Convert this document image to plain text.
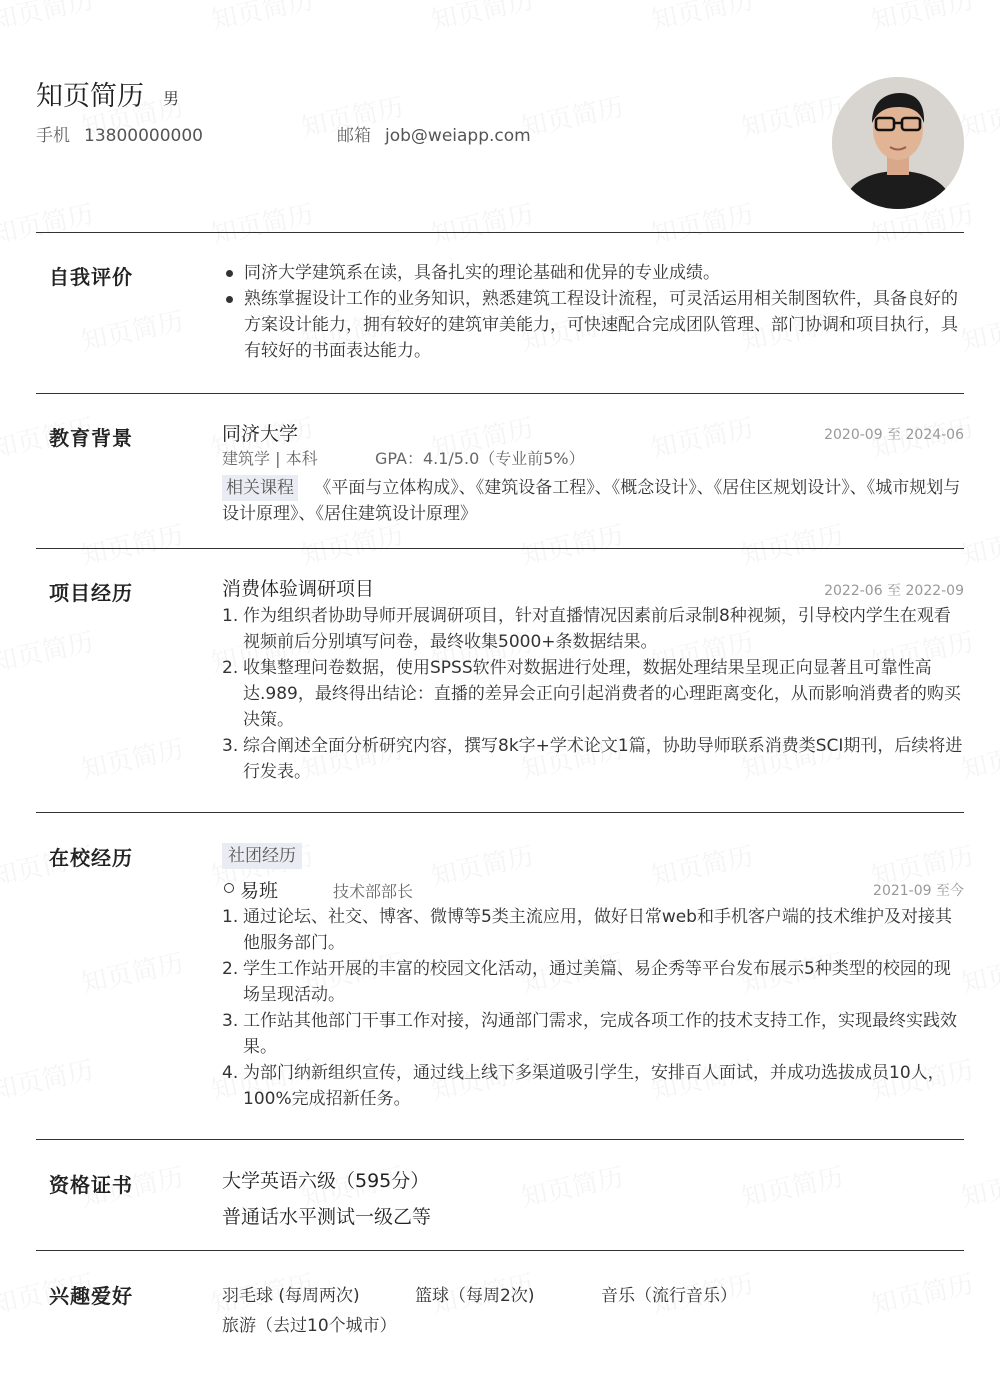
知页简历 男
手机 13800000000	邮箱 job@weiapp.com
自我评价	同济大学建筑系在读，具备扎实的理论基础和优异的专业成绩。
熟练掌握设计工作的业务知识，熟悉建筑工程设计流程，可灵活运用相关制图软件，具备良好的方案设计能力，拥有较好的建筑审美能力，可快速配合完成团队管理、部门协调和项目执行，具有较好的书面表达能力。
教育背景	同济大学	2020-09 至 2024-06
建筑学 | 本科	GPA：4.1/5.0（专业前5%）
相关课程 《平面与立体构成》、《建筑设备工程》、《概念设计》、《居住区规划设计》、《城市规划与设计原理》、《居住建筑设计原理》
项目经历	消费体验调研项目	2022-06 至 2022-09
1. 作为组织者协助导师开展调研项目，针对直播情况因素前后录制8种视频，引导校内学生在观看视频前后分别填写问卷，最终收集5000+条数据结果。
2. 收集整理问卷数据，使用SPSS软件对数据进行处理，数据处理结果呈现正向显著且可靠性高达.989，最终得出结论：直播的差异会正向引起消费者的心理距离变化，从而影响消费者的购买决策。
3. 综合阐述全面分析研究内容，撰写8k字+学术论文1篇，协助导师联系消费类SCI期刊，后续将进行发表。
在校经历	社团经历
易班	技术部部长	2021-09 至今
1. 通过论坛、社交、博客、微博等5类主流应用，做好日常web和手机客户端的技术维护及对接其他服务部门。
2. 学生工作站开展的丰富的校园文化活动，通过美篇、易企秀等平台发布展示5种类型的校园的现场呈现活动。
3. 工作站其他部门干事工作对接，沟通部门需求，完成各项工作的技术支持工作，实现最终实践效果。
4. 为部门纳新组织宣传，通过线上线下多渠道吸引学生，安排百人面试，并成功选拔成员10人，100%完成招新任务。
资格证书	大学英语六级（595分）
普通话水平测试一级乙等
兴趣爱好	羽毛球 (每周两次)	篮球（每周2次)	音乐（流行音乐）
旅游（去过10个城市）
